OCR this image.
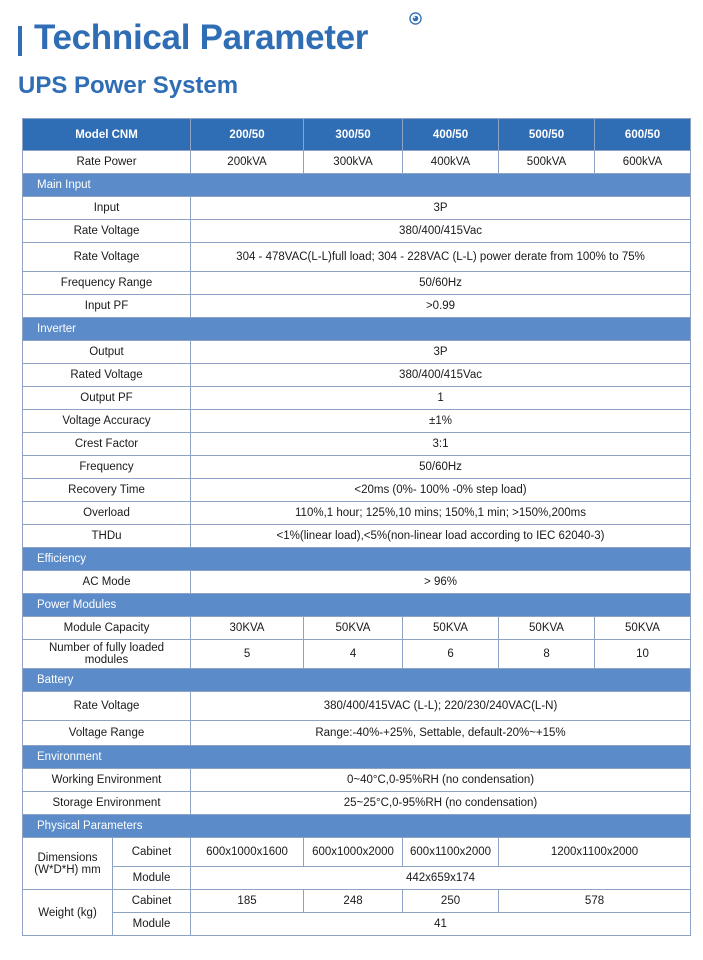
Technical Parameter
UPS Power System
Model CNM		200/50	300/50	400/50	500/50	600/50
Rate Power		200kVA	300kVA	400kVA	500kVA	600kVA
Main Input						
Input		3P				
Rate Voltage		380/400/415Vac				
Rate Voltage		304 - 478VAC(L-L)full load; 304 - 228VAC (L-L) power derate from 100% to 75%				
Frequency Range		50/60Hz				
Input PF		>0.99				
Inverter						
Output		3P				
Rated Voltage		380/400/415Vac				
Output PF		1				
Voltage Accuracy		±1%				
Crest Factor		3:1				
Frequency		50/60Hz				
Recovery Time		<20ms (0%- 100% -0% step load)				
Overload		110%,1 hour; 125%,10 mins; 150%,1 min; >150%,200ms				
THDu		<1%(linear load),<5%(non-linear load according to IEC 62040-3)				
Efficiency						
AC Mode		> 96%				
Power Modules						
Module Capacity		30KVA	50KVA	50KVA	50KVA	50KVA
Number of fully loaded
modules		5	4	6	8	10
Battery						
Rate Voltage		380/400/415VAC (L-L); 220/230/240VAC(L-N)				
Voltage Range		Range:-40%-+25%, Settable, default-20%~+15%				
Environment						
Working Environment		0~40°C,0-95%RH (no condensation)				
Storage Environment		25~25°C,0-95%RH (no condensation)				
Physical Parameters						
Dimensions
(W*D*H) mm	Cabinet	600x1000x1600	600x1000x2000	600x1100x2000	1200x1100x2000	
	Module	442x659x174				
Weight (kg)	Cabinet	185	248	250	578	
	Module	41				
